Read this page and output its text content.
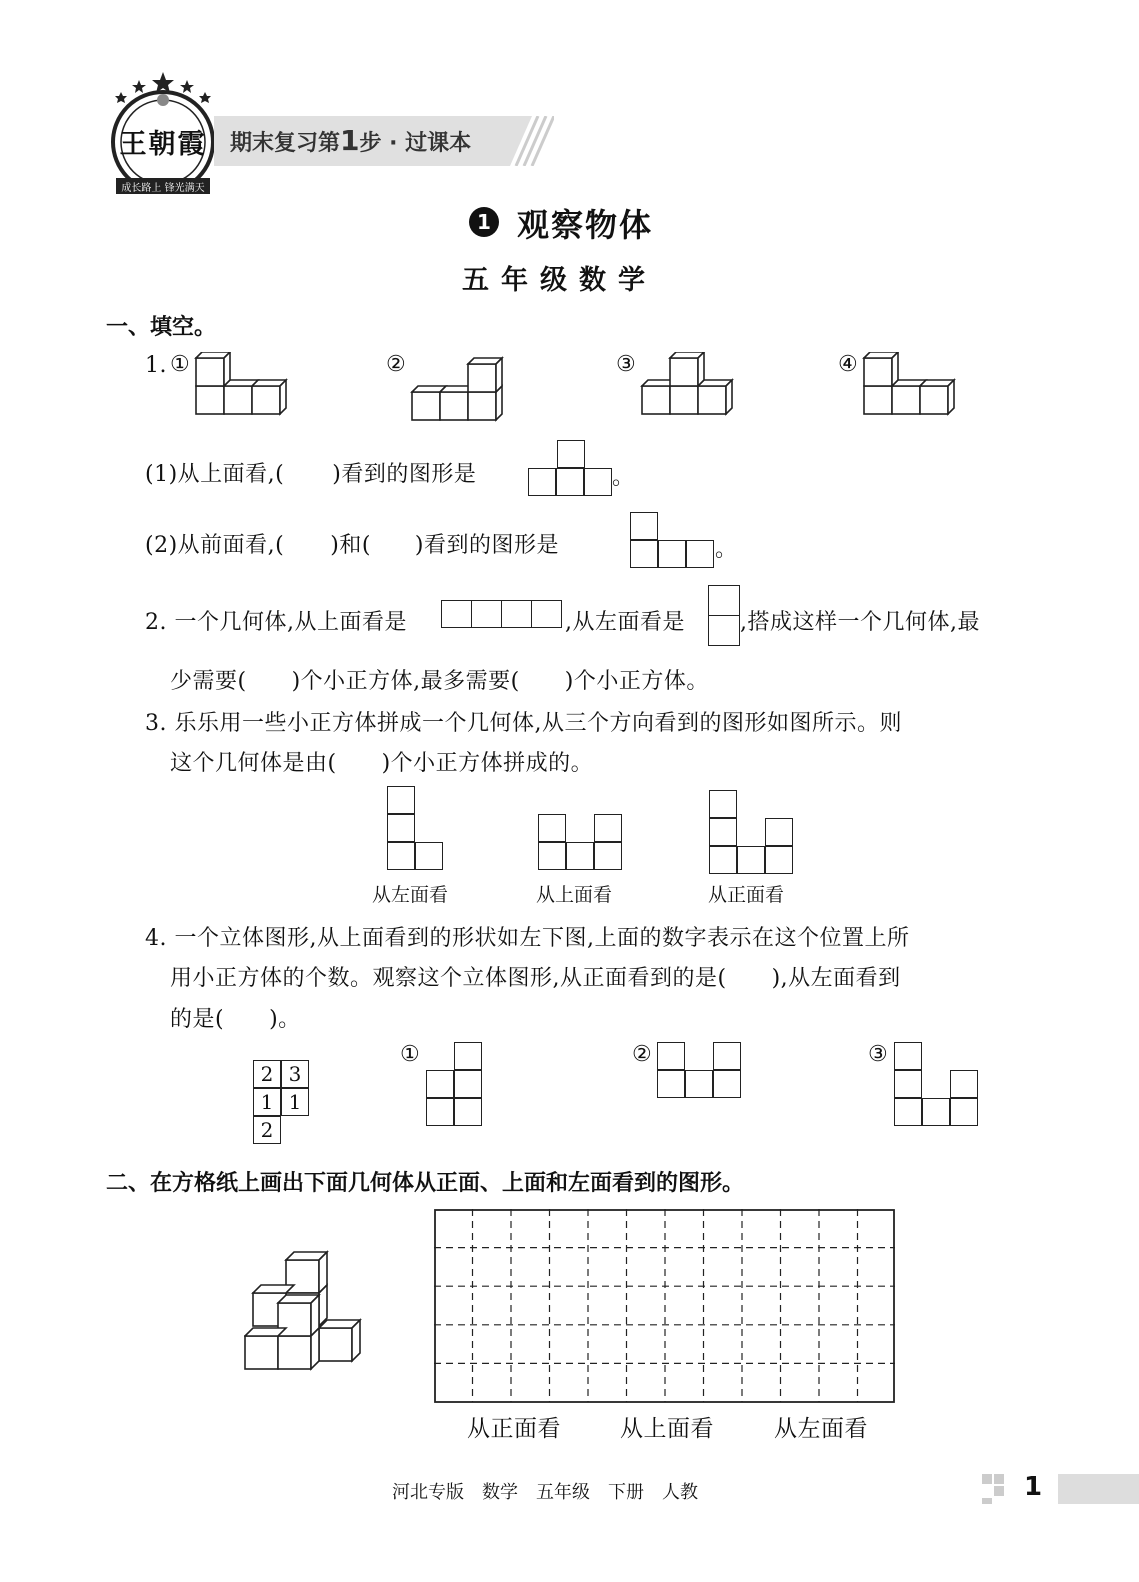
王朝霞
成长路上 锋光满天
期末复习第1步 · 过课本
1 观察物体
五年级数学
一、填空。
1. ①	②	③	④
(1)从上面看,( )看到的图形是	。
(2)从前面看,( )和( )看到的图形是	。
2. 一个几何体,从上面看是	,从左面看是	,搭成这样一个几何体,最
少需要(　　)个小正方体,最多需要(　　)个小正方体。
3. 乐乐用一些小正方体拼成一个几何体,从三个方向看到的图形如图所示。则
这个几何体是由(　　)个小正方体拼成的。
从左面看	从上面看	从正面看
4. 一个立体图形,从上面看到的形状如左下图,上面的数字表示在这个位置上所
用小正方体的个数。观察这个立体图形,从正面看到的是(　　),从左面看到
的是(　　)。
2 3
1 1
2
①	②	③
二、在方格纸上画出下面几何体从正面、上面和左面看到的图形。
从正面看	从上面看	从左面看
河北专版　数学　五年级　下册　人教	1
